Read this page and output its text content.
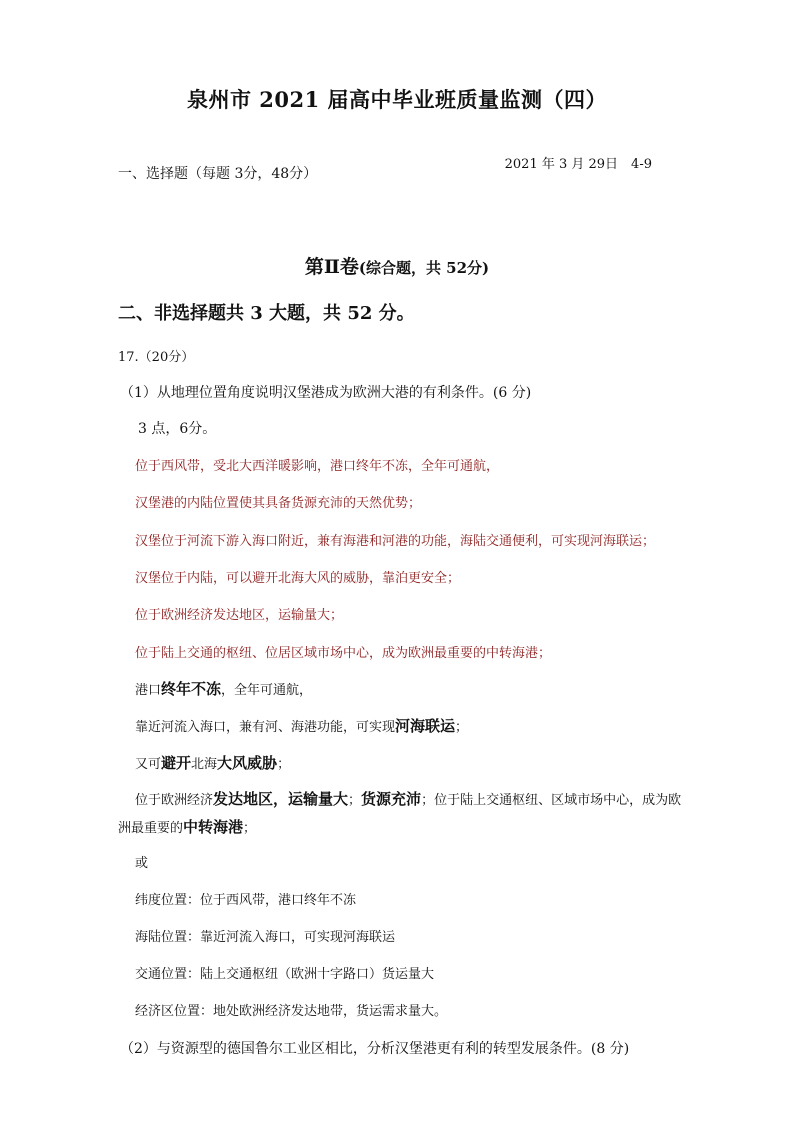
泉州市 2021 届高中毕业班质量监测（四）
2021 年 3 月 29日　4-9
一、选择题（每题 3分，48分）
第Ⅱ卷(综合题，共 52分)
二、非选择题共 3 大题，共 52 分。
17.（20分）
（1）从地理位置角度说明汉堡港成为欧洲大港的有利条件。(6 分)
3 点，6分。
位于西风带，受北大西洋暖影响，港口终年不冻，全年可通航，
汉堡港的内陆位置使其具备货源充沛的天然优势；
汉堡位于河流下游入海口附近，兼有海港和河港的功能，海陆交通便利，可实现河海联运；
汉堡位于内陆，可以避开北海大风的威胁，靠泊更安全；
位于欧洲经济发达地区，运输量大；
位于陆上交通的枢纽、位居区域市场中心，成为欧洲最重要的中转海港；
港口终年不冻，全年可通航，
靠近河流入海口，兼有河、海港功能，可实现河海联运；
又可避开北海大风威胁；
位于欧洲经济发达地区，运输量大；货源充沛；位于陆上交通枢纽、区域市场中心，成为欧洲最重要的中转海港；
或
纬度位置：位于西风带，港口终年不冻
海陆位置：靠近河流入海口，可实现河海联运
交通位置：陆上交通枢纽（欧洲十字路口）货运量大
经济区位置：地处欧洲经济发达地带，货运需求量大。
（2）与资源型的德国鲁尔工业区相比，分析汉堡港更有利的转型发展条件。(8 分)
